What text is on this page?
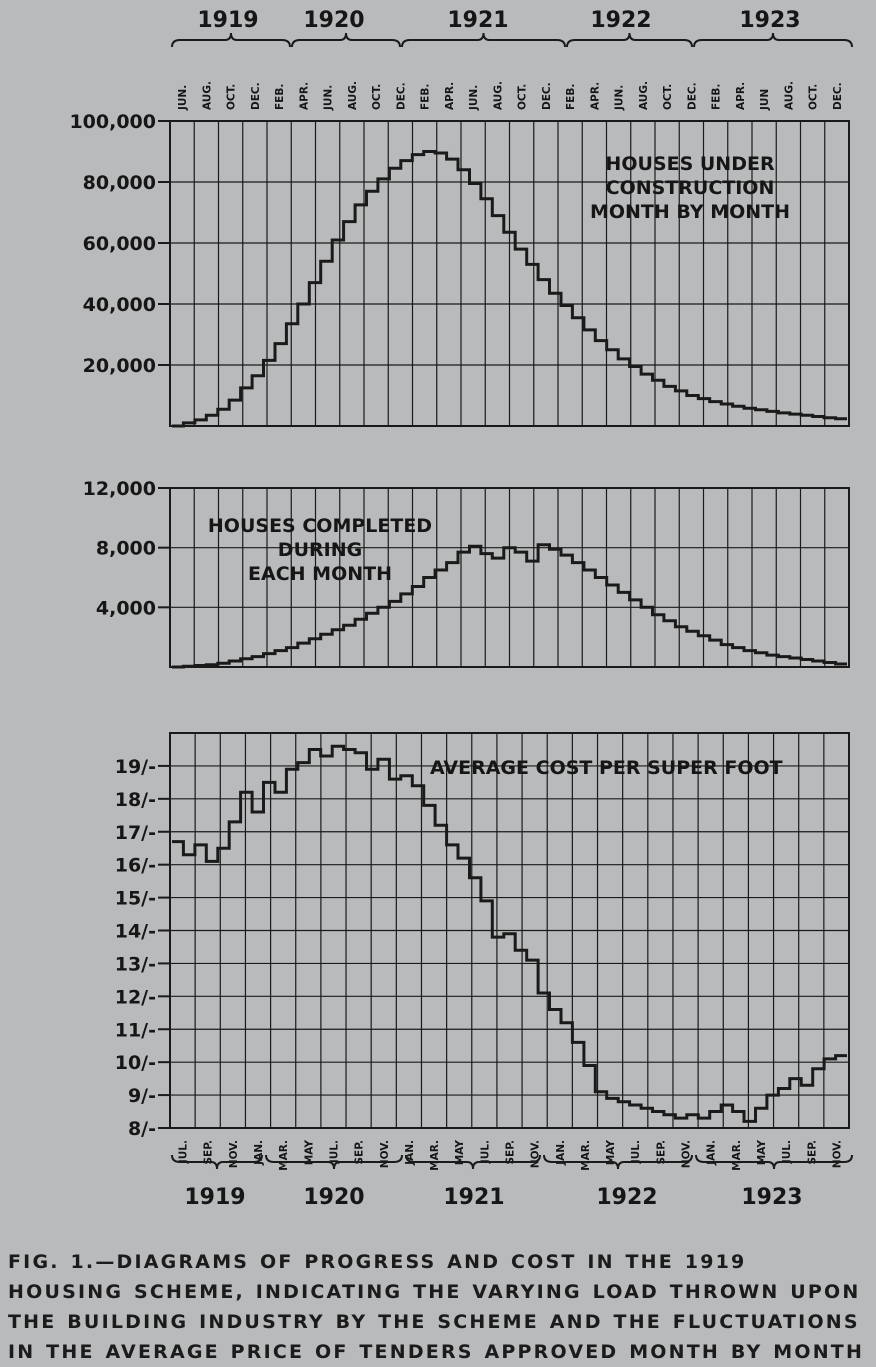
JUN. AUG. OCT. DEC. FEB. APR. JUN. AUG. OCT. DEC. FEB. APR. JUN. AUG. OCT. DEC. FEB. APR. JUN. AUG. OCT. DEC. FEB. APR. JUN AUG. OCT. DEC.
1919 1920	1921	1922	1923
100,000
80,000
60,000
40,000
20,000
HOUSES UNDER
CONSTRUCTION
MONTH BY MONTH
12,000
8,000
4,000
HOUSES COMPLETED
DURING
EACH MONTH
19/-
18/-
17/-
16/-
15/-
14/-
13/-
12/-
11/-
10/-
9/-
8/-
AVERAGE COST PER SUPER FOOT
JUL. SEP. NOV. JAN. MAR. MAY JUL. SEP. NOV. JAN. MAR. MAY JUL. SEP. NOV. JAN. MAR. MAY JUL. SEP. NOV. JAN. MAR. MAY JUL. SEP. NOV.
1919	1920	1921	1922	1923
FIG. 1.—DIAGRAMS OF PROGRESS AND COST IN THE 1919 HOUSING SCHEME, INDICATING THE VARYING LOAD THROWN UPON THE BUILDING INDUSTRY BY THE SCHEME AND THE FLUCTUATIONS IN THE AVERAGE PRICE OF TENDERS APPROVED MONTH BY MONTH
